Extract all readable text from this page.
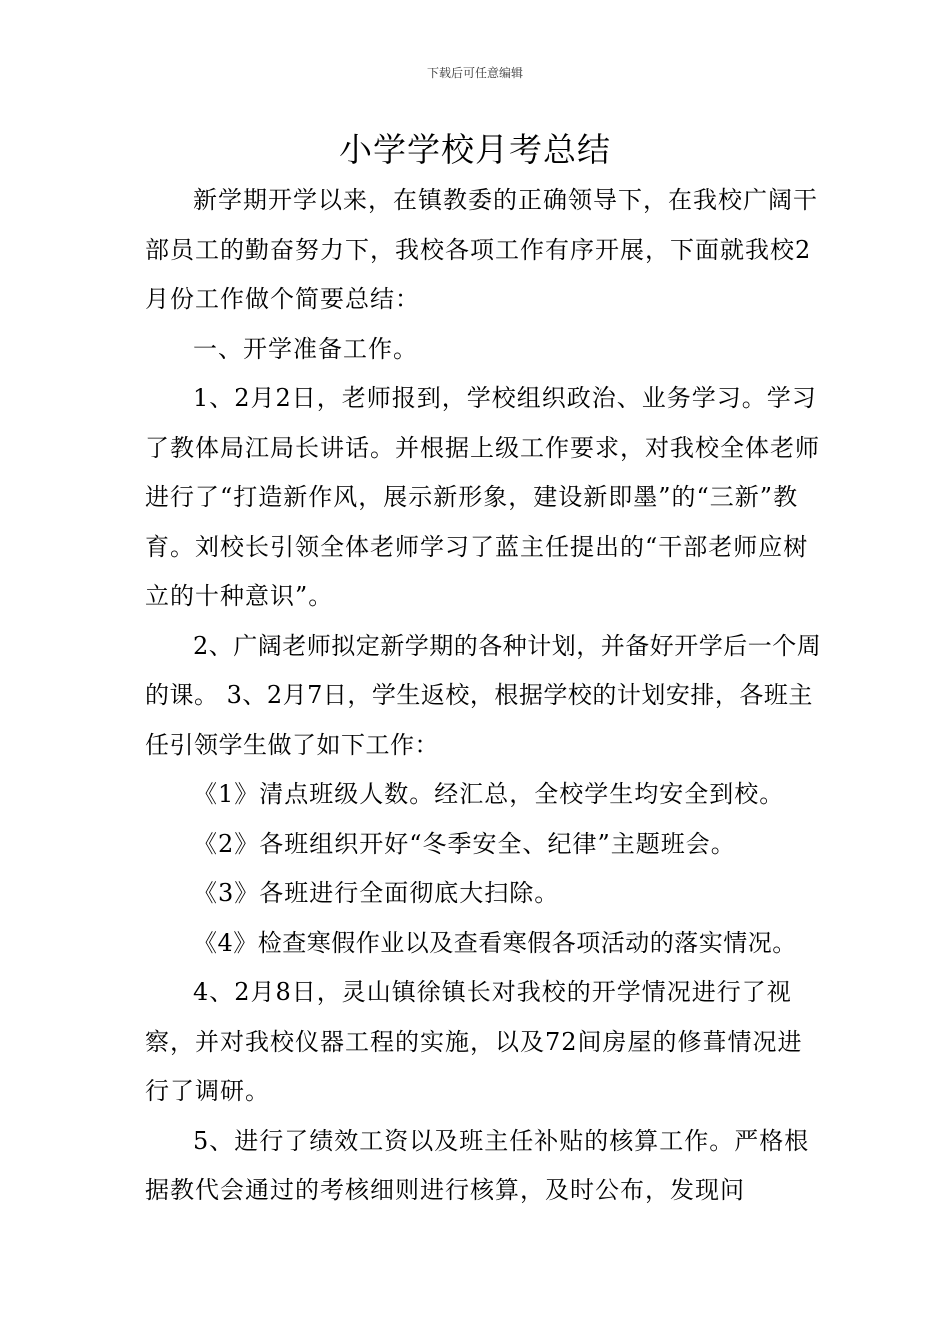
下载后可任意编辑
小学学校月考总结

新学期开学以来，在镇教委的正确领导下，在我校广阔干部员工的勤奋努力下，我校各项工作有序开展，下面就我校2月份工作做个简要总结：

一、开学准备工作。

1、2月2日，老师报到，学校组织政治、业务学习。学习了教体局江局长讲话。并根据上级工作要求，对我校全体老师进行了“打造新作风，展示新形象，建设新即墨”的“三新”教育。刘校长引领全体老师学习了蓝主任提出的“干部老师应树立的十种意识”。

2、广阔老师拟定新学期的各种计划，并备好开学后一个周的课。 3、2月7日，学生返校，根据学校的计划安排，各班主任引领学生做了如下工作：

《1》清点班级人数。经汇总，全校学生均安全到校。

《2》各班组织开好“冬季安全、纪律”主题班会。

《3》各班进行全面彻底大扫除。

《4》检查寒假作业以及查看寒假各项活动的落实情况。

4、2月8日，灵山镇徐镇长对我校的开学情况进行了视察，并对我校仪器工程的实施，以及72间房屋的修葺情况进行了调研。

5、进行了绩效工资以及班主任补贴的核算工作。严格根据教代会通过的考核细则进行核算，及时公布，发现问
